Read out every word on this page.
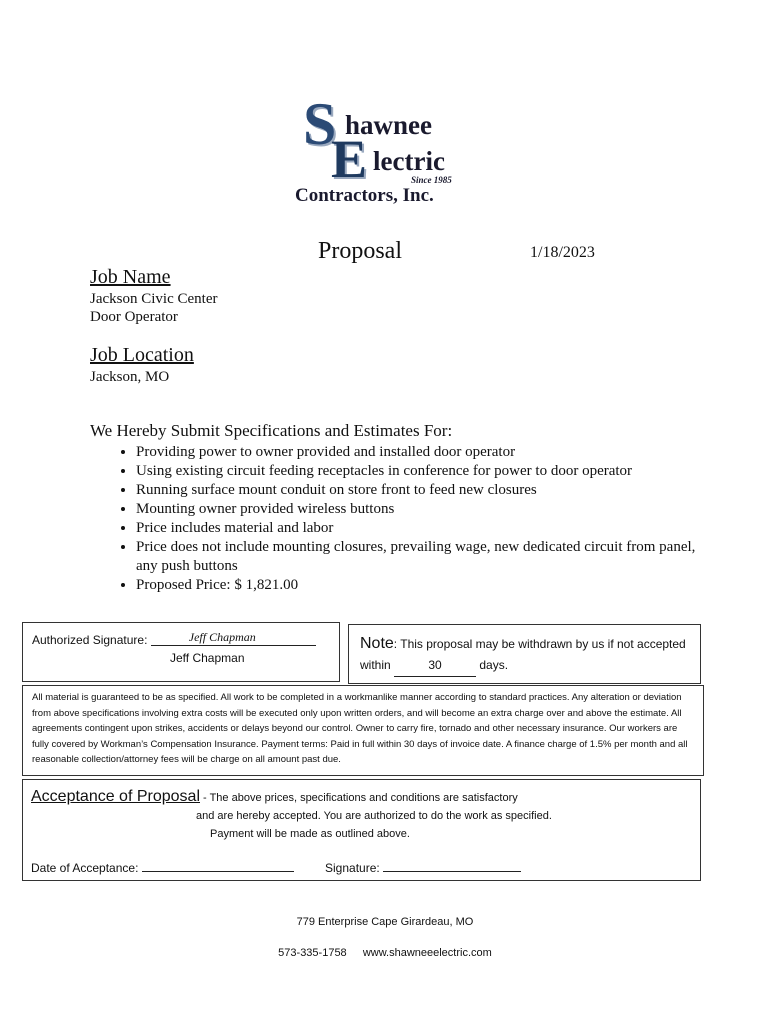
S
E
hawnee
lectric
Since 1985
Contractors, Inc.
Proposal	1/18/2023
Job Name
Jackson Civic Center
Door Operator
Job Location
Jackson, MO
We Hereby Submit Specifications and Estimates For:
• Providing power to owner provided and installed door operator
• Using existing circuit feeding receptacles in conference for power to door operator
• Running surface mount conduit on store front to feed new closures
• Mounting owner provided wireless buttons
• Price includes material and labor
• Price does not include mounting closures, prevailing wage, new dedicated circuit from panel, any push buttons
• Proposed Price: $ 1,821.00
Authorized Signature:	Jeff Chapman
Jeff Chapman
Note: This proposal may be withdrawn by us if not accepted within	30	days.
All material is guaranteed to be as specified. All work to be completed in a workmanlike manner according to standard practices. Any alteration or deviation from above specifications involving extra costs will be executed only upon written orders, and will become an extra charge over and above the estimate. All agreements contingent upon strikes, accidents or delays beyond our control. Owner to carry fire, tornado and other necessary insurance. Our workers are fully covered by Workman’s Compensation Insurance. Payment terms: Paid in full within 30 days of invoice date. A finance charge of 1.5% per month and all reasonable collection/attorney fees will be charge on all amount past due.
Acceptance of Proposal - The above prices, specifications and conditions are satisfactory
and are hereby accepted. You are authorized to do the work as specified.
Payment will be made as outlined above.
Date of Acceptance:	Signature:
779 Enterprise Cape Girardeau, MO
573-335-1758 www.shawneeelectric.com
